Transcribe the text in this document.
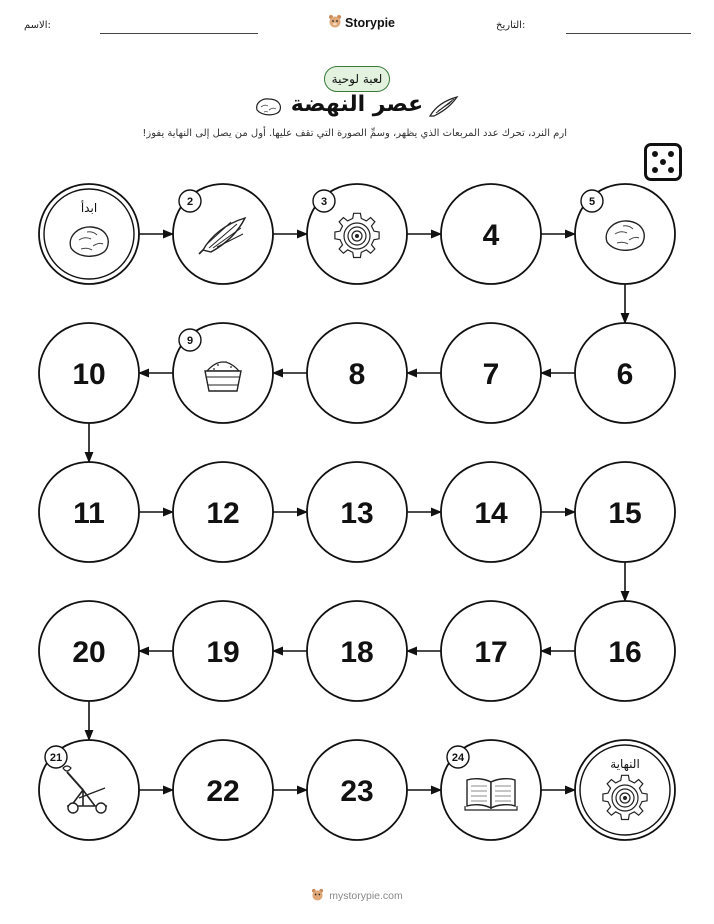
الاسم:	Storypie	التاريخ:
لعبة لوحية
عصر النهضة
ارم النرد، تحرك عدد المربعات الذي يظهر، وسمِّ الصورة التي تقف عليها. أول من يصل إلى النهاية يفوز!
ابدأ	2	3
4
5
6
7
8
9
10
11	12	13	14	15
16
17
18
19
20
21
22	23
24	النهاية
mystorypie.com
